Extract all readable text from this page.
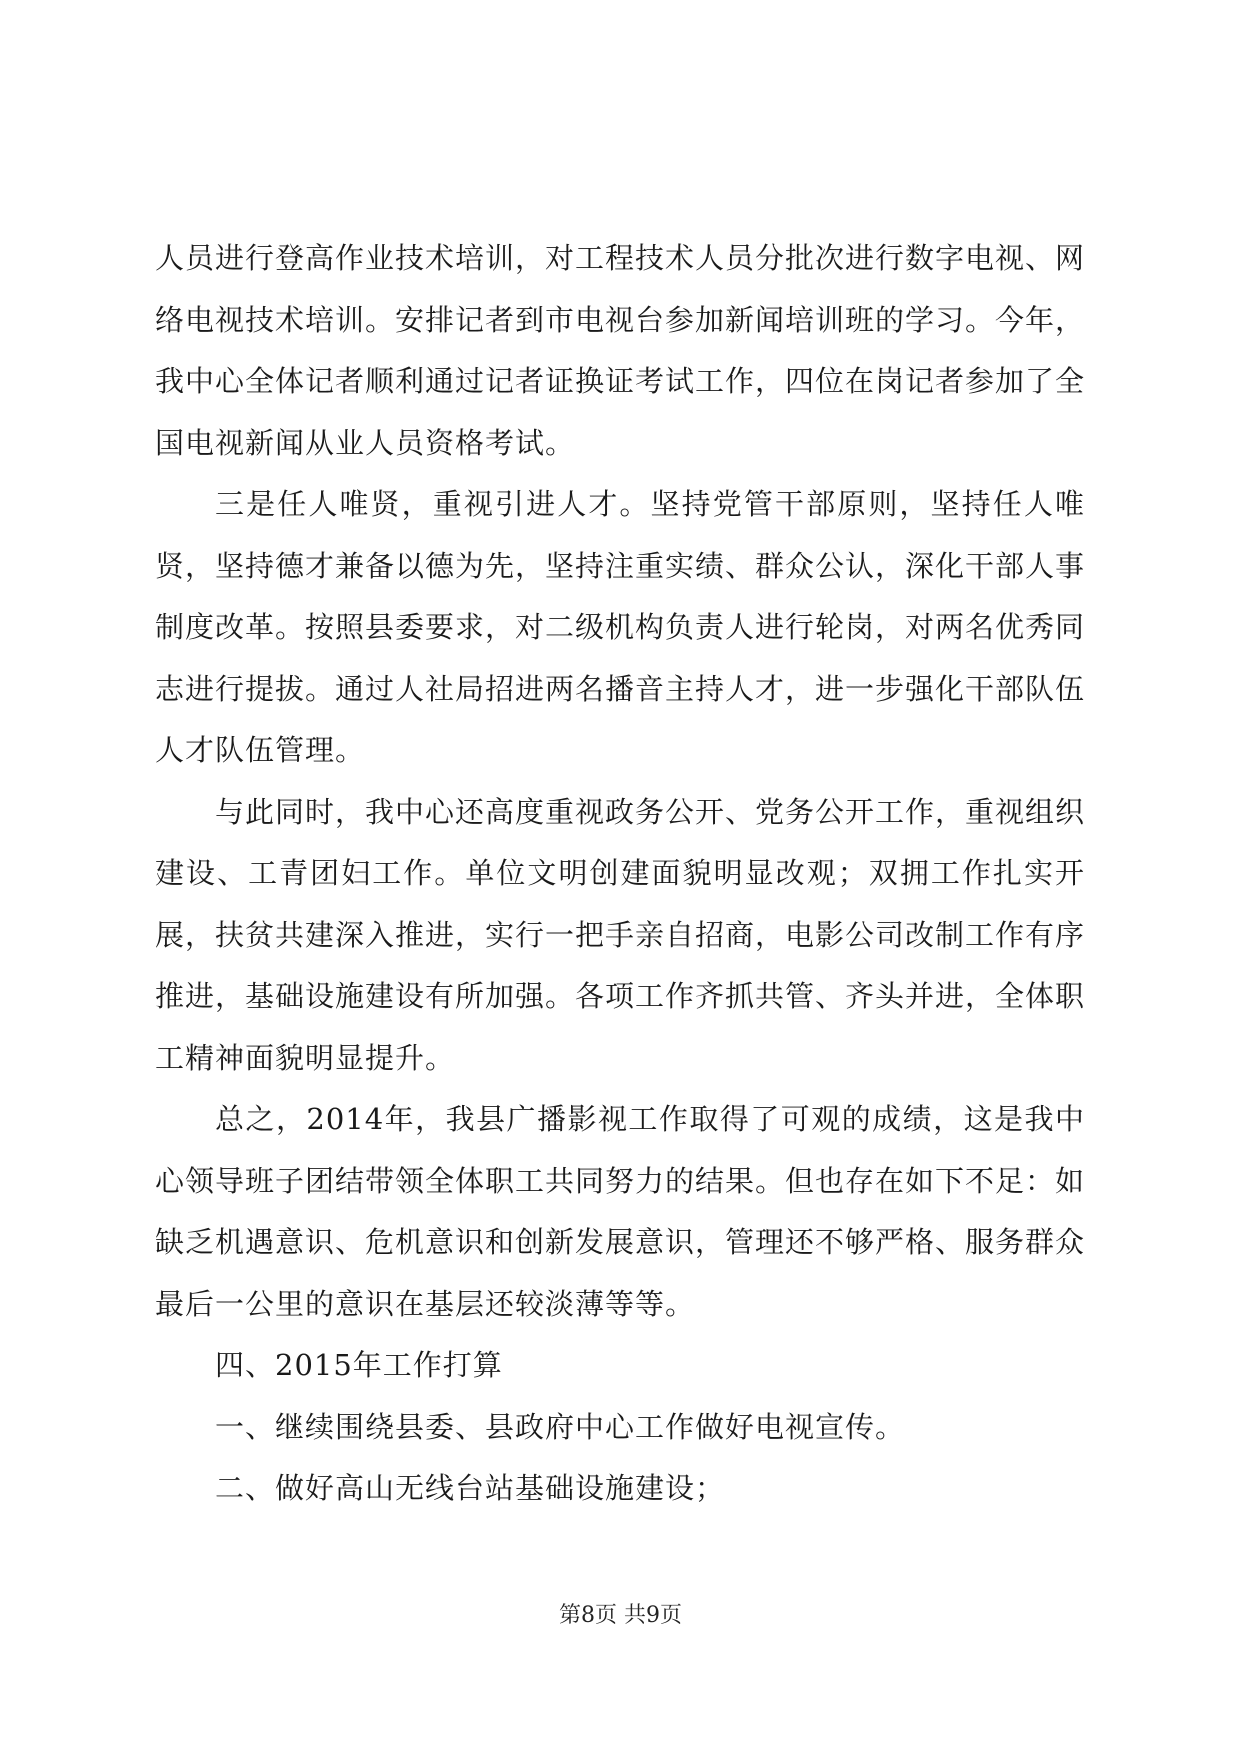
人员进行登高作业技术培训，对工程技术人员分批次进行数字电视、网络电视技术培训。安排记者到市电视台参加新闻培训班的学习。今年，我中心全体记者顺利通过记者证换证考试工作，四位在岗记者参加了全国电视新闻从业人员资格考试。

三是任人唯贤，重视引进人才。坚持党管干部原则，坚持任人唯贤，坚持德才兼备以德为先，坚持注重实绩、群众公认，深化干部人事制度改革。按照县委要求，对二级机构负责人进行轮岗，对两名优秀同志进行提拔。通过人社局招进两名播音主持人才，进一步强化干部队伍人才队伍管理。

与此同时，我中心还高度重视政务公开、党务公开工作，重视组织建设、工青团妇工作。单位文明创建面貌明显改观；双拥工作扎实开展，扶贫共建深入推进，实行一把手亲自招商，电影公司改制工作有序推进，基础设施建设有所加强。各项工作齐抓共管、齐头并进，全体职工精神面貌明显提升。

总之，2014年，我县广播影视工作取得了可观的成绩，这是我中心领导班子团结带领全体职工共同努力的结果。但也存在如下不足：如缺乏机遇意识、危机意识和创新发展意识，管理还不够严格、服务群众最后一公里的意识在基层还较淡薄等等。

四、2015年工作打算

一、继续围绕县委、县政府中心工作做好电视宣传。

二、做好高山无线台站基础设施建设；

第8页 共9页
